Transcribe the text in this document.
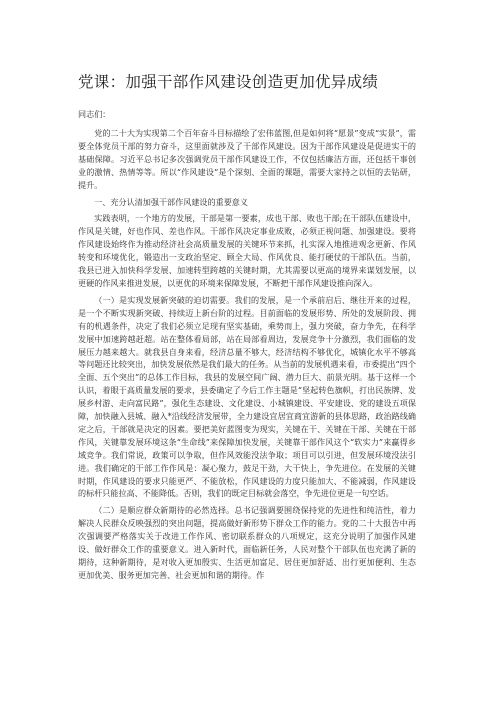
党课：加强干部作风建设创造更加优异成绩

同志们：

党的二十大为实现第二个百年奋斗目标描绘了宏伟蓝图,但是如何将“愿景”变成“实景”，需要全体党员干部的努力奋斗，这里面就涉及了干部作风建设。因为干部作风建设是促进实干的基础保障。习近平总书记多次强调党员干部作风建设工作，不仅包括廉洁方面，还包括干事创业的激情、热情等等。所以“作风建设”是个深刻、全面的课题，需要大家持之以恒的去钻研，提升。

一、充分认清加强干部作风建设的重要意义

实践表明，一个地方的发展，干部是第一要素，成也干部、败也干部;在干部队伍建设中，作风是关键，好也作风、差也作风。干部作风决定事业成败，必须正视问题、加强建设。要将作风建设始终作为推动经济社会高质量发展的关键环节来抓，扎实深入地推进观念更新、作风转变和环境优化，锻造出一支政治坚定、顾全大局、作风优良、能打硬仗的干部队伍。当前，我县已进入加快科学发展、加速转型跨越的关键时期，尤其需要以更高的境界来谋划发展，以更硬的作风来推进发展，以更优的环境来保障发展，不断把干部作风建设推向深入。

（一）是实现发展新突破的迫切需要。我们的发展，是一个承前启后、继往开来的过程，是一个不断实现新突破、持续迈上新台阶的过程。目前面临的发展形势、所处的发展阶段、拥有的机遇条件，决定了我们必须立足现有坚实基础，乘势而上，强力突破，奋力争先，在科学发展中加速跨越赶超。站在整体看局部，站在局部看周边，发展竞争十分激烈，我们面临的发展压力越来越大。就我县自身来看，经济总量不够大，经济结构不够优化，城镇化水平不够高等问题还比较突出，加快发展依然是我们最大的任务。从当前的发展机遇来看，市委提出“四个全面、五个突出”的总体工作目标，我县的发展空间广阔、潜力巨大、前景光明。基于这样一个认识，着眼于高质量发展的要求，县委确定了今后工作主题是“坚起转色旗帜，打出民族牌、发展乡村游、走向富民路”，强化生态建设、文化建设、小城镇建设、平安建设、党的建设五项保障，加快融入县城、融入*沿线经济发展带，全力建设宜居宜商宜游新的县体思路，政治路线确定之后，干部就是决定的因素。要把美好蓝图变为现实，关键在干、关键在干部、关键在干部作风，关键靠发展环境这条“生命线”来保障加快发展，关键靠干部作风这个“软实力”来赢得乡域竞争。我们常说，政策可以争取，但作风效能没法争取；项目可以引进，但发展环境没法引进。我们确定的干部工作作风是：凝心聚力，鼓足干劲，大干快上，争先进位。在发展的关键时期，作风建设的要求只能更严、不能放松，作风建设的力度只能加大、不能减弱，作风建设的标杆只能拉高、不能降低。否则，我们的既定目标就会落空，争先进位更是一句空话。

（二）是顺应群众新期待的必然选择。总书记强调要围绕保持党的先进性和纯洁性，着力解决人民群众反映强烈的突出问题，提高做好新形势下群众工作的能力。党的二十大报告中再次强调要严格落实关于改进工作作风、密切联系群众的八项规定，这充分说明了加强作风建设、做好群众工作的重要意义。进入新时代，面临新任务，人民对整个干部队伍也充满了新的期待，这种新期待，是对收入更加殷实、生活更加富足、居住更加舒适、出行更加便利、生态更加优美、服务更加完善、社会更加和谐的期待。作
